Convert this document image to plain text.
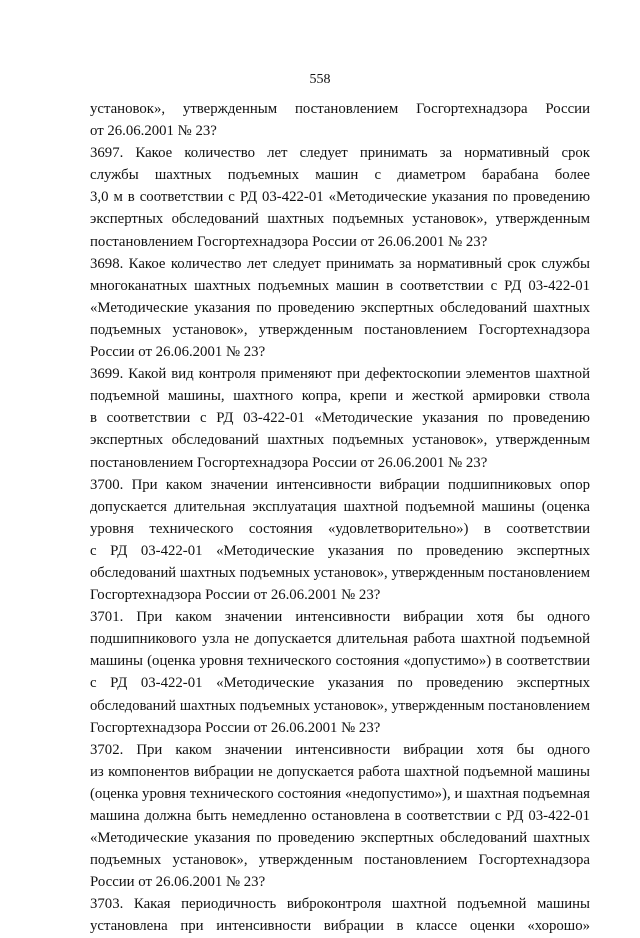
558
установок», утвержденным постановлением Госгортехнадзора России
от 26.06.2001 № 23?
3697. Какое количество лет следует принимать за нормативный срок
службы шахтных подъемных машин с диаметром барабана более
3,0 м в соответствии с РД 03-422-01 «Методические указания по проведению
экспертных обследований шахтных подъемных установок», утвержденным
постановлением Госгортехнадзора России от 26.06.2001 № 23?
3698. Какое количество лет следует принимать за нормативный срок службы
многоканатных шахтных подъемных машин в соответствии с РД 03-422-01
«Методические указания по проведению экспертных обследований шахтных
подъемных установок», утвержденным постановлением Госгортехнадзора
России от 26.06.2001 № 23?
3699. Какой вид контроля применяют при дефектоскопии элементов шахтной
подъемной машины, шахтного копра, крепи и жесткой армировки ствола
в соответствии с РД 03-422-01 «Методические указания по проведению
экспертных обследований шахтных подъемных установок», утвержденным
постановлением Госгортехнадзора России от 26.06.2001 № 23?
3700. При каком значении интенсивности вибрации подшипниковых опор
допускается длительная эксплуатация шахтной подъемной машины (оценка
уровня технического состояния «удовлетворительно») в соответствии
с РД 03-422-01 «Методические указания по проведению экспертных
обследований шахтных подъемных установок», утвержденным постановлением
Госгортехнадзора России от 26.06.2001 № 23?
3701. При каком значении интенсивности вибрации хотя бы одного
подшипникового узла не допускается длительная работа шахтной подъемной
машины (оценка уровня технического состояния «допустимо») в соответствии
с РД 03-422-01 «Методические указания по проведению экспертных
обследований шахтных подъемных установок», утвержденным постановлением
Госгортехнадзора России от 26.06.2001 № 23?
3702. При каком значении интенсивности вибрации хотя бы одного
из компонентов вибрации не допускается работа шахтной подъемной машины
(оценка уровня технического состояния «недопустимо»), и шахтная подъемная
машина должна быть немедленно остановлена в соответствии с РД 03-422-01
«Методические указания по проведению экспертных обследований шахтных
подъемных установок», утвержденным постановлением Госгортехнадзора
России от 26.06.2001 № 23?
3703. Какая периодичность виброконтроля шахтной подъемной машины
установлена при интенсивности вибрации в классе оценки «хорошо»
